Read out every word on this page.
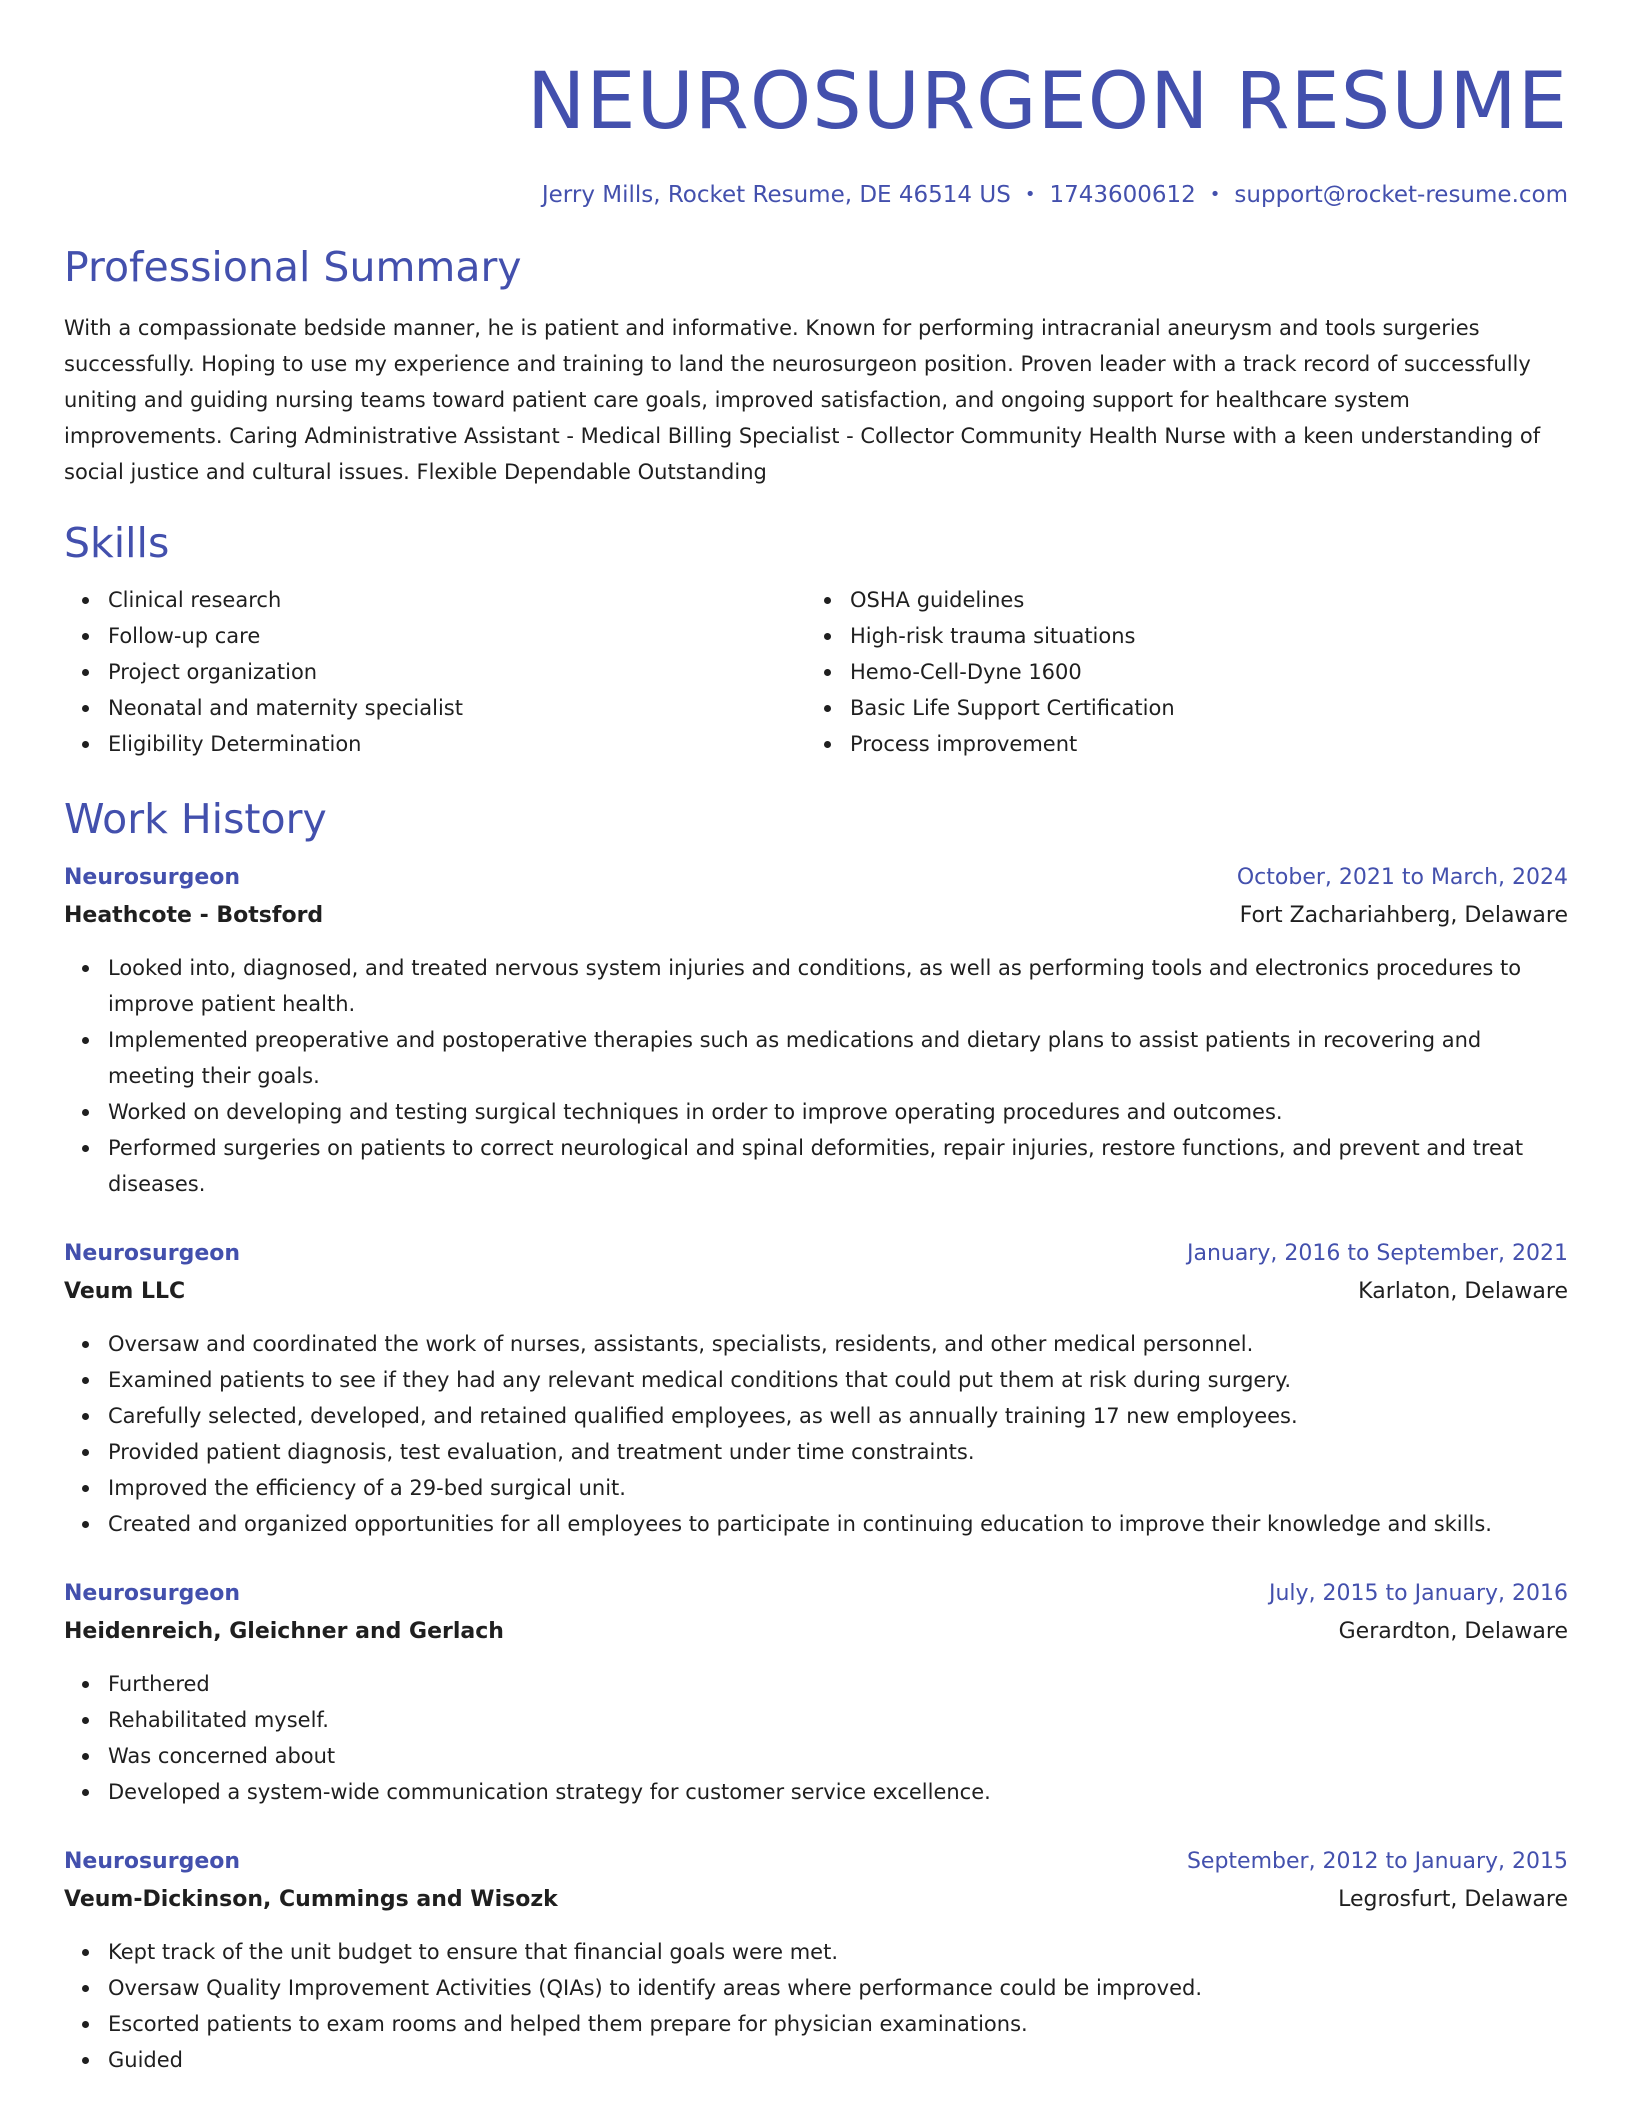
NEUROSURGEON RESUME
Jerry Mills, Rocket Resume, DE 46514 US • 1743600612 • support@rocket-resume.com
Professional Summary
With a compassionate bedside manner, he is patient and informative. Known for performing intracranial aneurysm and tools surgeries successfully. Hoping to use my experience and training to land the neurosurgeon position. Proven leader with a track record of successfully uniting and guiding nursing teams toward patient care goals, improved satisfaction, and ongoing support for healthcare system improvements. Caring Administrative Assistant - Medical Billing Specialist - Collector Community Health Nurse with a keen understanding of social justice and cultural issues. Flexible Dependable Outstanding
Skills
Clinical research
Follow-up care
Project organization
Neonatal and maternity specialist
Eligibility Determination
OSHA guidelines
High-risk trauma situations
Hemo-Cell-Dyne 1600
Basic Life Support Certification
Process improvement
Work History
Neurosurgeon	October, 2021 to March, 2024
Heathcote - Botsford	Fort Zachariahberg, Delaware
Looked into, diagnosed, and treated nervous system injuries and conditions, as well as performing tools and electronics procedures to improve patient health.
Implemented preoperative and postoperative therapies such as medications and dietary plans to assist patients in recovering and meeting their goals.
Worked on developing and testing surgical techniques in order to improve operating procedures and outcomes.
Performed surgeries on patients to correct neurological and spinal deformities, repair injuries, restore functions, and prevent and treat diseases.
Neurosurgeon	January, 2016 to September, 2021
Veum LLC	Karlaton, Delaware
Oversaw and coordinated the work of nurses, assistants, specialists, residents, and other medical personnel.
Examined patients to see if they had any relevant medical conditions that could put them at risk during surgery.
Carefully selected, developed, and retained qualified employees, as well as annually training 17 new employees.
Provided patient diagnosis, test evaluation, and treatment under time constraints.
Improved the efficiency of a 29-bed surgical unit.
Created and organized opportunities for all employees to participate in continuing education to improve their knowledge and skills.
Neurosurgeon	July, 2015 to January, 2016
Heidenreich, Gleichner and Gerlach	Gerardton, Delaware
Furthered
Rehabilitated myself.
Was concerned about
Developed a system-wide communication strategy for customer service excellence.
Neurosurgeon	September, 2012 to January, 2015
Veum-Dickinson, Cummings and Wisozk	Legrosfurt, Delaware
Kept track of the unit budget to ensure that financial goals were met.
Oversaw Quality Improvement Activities (QIAs) to identify areas where performance could be improved.
Escorted patients to exam rooms and helped them prepare for physician examinations.
Guided
